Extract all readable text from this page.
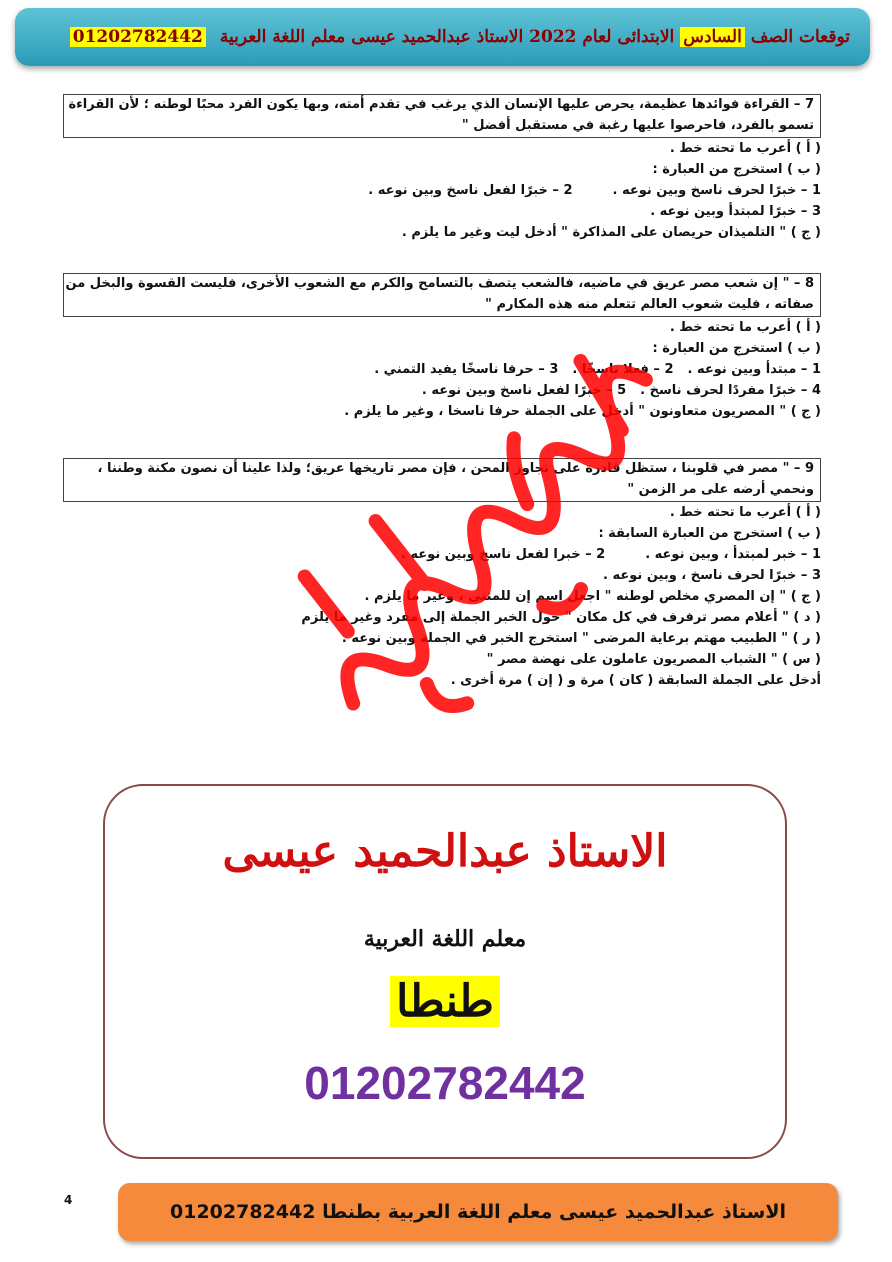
توقعات الصف
السادس
الابتدائى لعام 2022 الاستاذ عبدالحميد عيسى
معلم اللغة العربية
01202782442
7 – القراءة فوائدها عظيمة، يحرص عليها الإنسان الذي يرغب في تقدم أمته، وبها يكون الفرد محبًا لوطنه ؛ لأن القراءة
تسمو بالفرد، فاحرصوا عليها رغبة في مستقبل أفضل "
( أ ) أعرب ما تحته خط .
( ب ) استخرج من العبارة :
1 – خبرًا لحرف ناسخ وبين نوعه .2 – خبرًا لفعل ناسخ وبين نوعه .
3 – خبرًا لمبتدأ وبين نوعه .
( ج ) " التلميذان حريصان على المذاكرة " أدخل ليت وغير ما يلزم .
8 – " إن شعب مصر عريق في ماضيه، فالشعب يتصف بالتسامح والكرم مع الشعوب الأخرى، فليست القسوة والبخل من
صفاته ، فليت شعوب العالم تتعلم منه هذه المكارم "
( أ ) أعرب ما تحته خط .
( ب ) استخرج من العبارة :
1 – مبتدأ وبين نوعه .2 – فعلا ناسخًا .3 – حرفا ناسخًا يفيد التمني .
4 – خبرًا مفردًا لحرف ناسخ .5 – خبرًا لفعل ناسخ وبين نوعه .
( ج ) " المصريون متعاونون " أدخل على الجملة حرفا ناسخا ، وغير ما يلزم .
9 – " مصر في قلوبنا ، ستظل قادرة على تجاوز المحن ، فإن مصر تاريخها عريق؛ ولذا علينا أن نصون مكنة وطننا ،
ونحمي أرضه على مر الزمن "
( أ ) أعرب ما تحته خط .
( ب ) استخرج من العبارة السابقة :
1 – خبر لمبتدأ ، وبين نوعه .2 – خبرا لفعل ناسخ وبين نوعه .
3 – خبرًا لحرف ناسخ ، وبين نوعه .
( ج ) " إن المصري مخلص لوطنه " اجعل اسم إن للمثنى ، وغير ما يلزم .
( د ) " أعلام مصر ترفرف في كل مكان " حول الخبر الجملة إلى مفرد وغير ما يلزم
( ر ) " الطبيب مهتم برعاية المرضى " استخرج الخبر في الجملة وبين نوعه .
( س ) " الشباب المصريون عاملون على نهضة مصر "
أدخل على الجملة السابقة ( كان ) مرة و ( إن ) مرة أخرى .
الاستاذ عبدالحميد عيسى
معلم اللغة العربية
طنطا
01202782442
4
الاستاذ عبدالحميد عيسى معلم اللغة العربية بطنطا 01202782442
